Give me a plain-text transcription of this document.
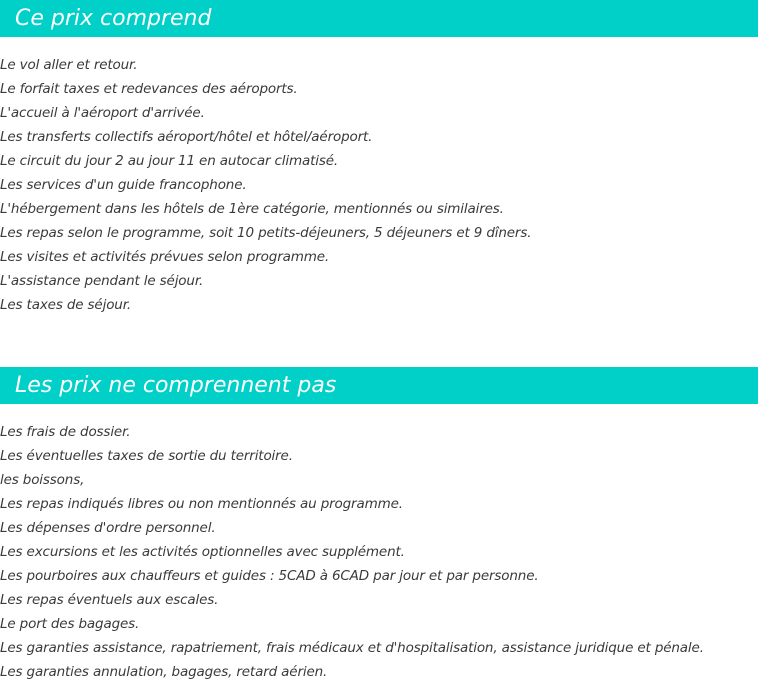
Ce prix comprend
Le vol aller et retour.
Le forfait taxes et redevances des aéroports.
L'accueil à l'aéroport d'arrivée.
Les transferts collectifs aéroport/hôtel et hôtel/aéroport.
Le circuit du jour 2 au jour 11 en autocar climatisé.
Les services d'un guide francophone.
L'hébergement dans les hôtels de 1ère catégorie, mentionnés ou similaires.
Les repas selon le programme, soit 10 petits-déjeuners, 5 déjeuners et 9 dîners.
Les visites et activités prévues selon programme.
L'assistance pendant le séjour.
Les taxes de séjour.
Les prix ne comprennent pas
Les frais de dossier.
Les éventuelles taxes de sortie du territoire.
les boissons,
Les repas indiqués libres ou non mentionnés au programme.
Les dépenses d'ordre personnel.
Les excursions et les activités optionnelles avec supplément.
Les pourboires aux chauffeurs et guides : 5CAD à 6CAD par jour et par personne.
Les repas éventuels aux escales.
Le port des bagages.
Les garanties assistance, rapatriement, frais médicaux et d'hospitalisation, assistance juridique et pénale.
Les garanties annulation, bagages, retard aérien.
